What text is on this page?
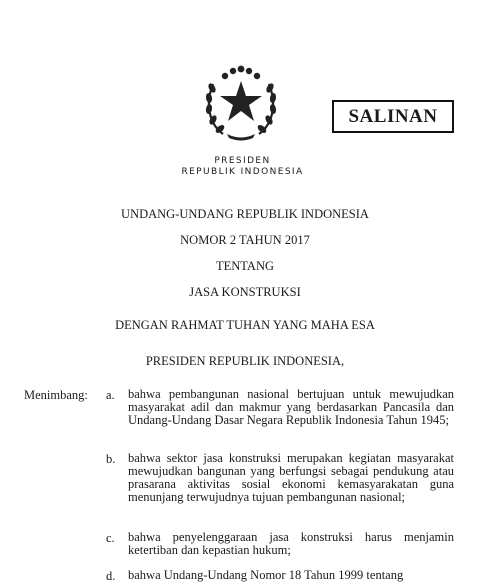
SALINAN
PRESIDEN
REPUBLIK INDONESIA
UNDANG-UNDANG REPUBLIK INDONESIA
NOMOR 2 TAHUN 2017
TENTANG
JASA KONSTRUKSI
DENGAN RAHMAT TUHAN YANG MAHA ESA
PRESIDEN REPUBLIK INDONESIA,
Menimbang: a. bahwa pembangunan nasional bertujuan untuk mewujudkan masyarakat adil dan makmur yang berdasarkan Pancasila dan Undang-Undang Dasar Negara Republik Indonesia Tahun 1945;
b. bahwa sektor jasa konstruksi merupakan kegiatan masyarakat mewujudkan bangunan yang berfungsi sebagai pendukung atau prasarana aktivitas sosial ekonomi kemasyarakatan guna menunjang terwujudnya tujuan pembangunan nasional;
c. bahwa penyelenggaraan jasa konstruksi harus menjamin ketertiban dan kepastian hukum;
d. bahwa Undang-Undang Nomor 18 Tahun 1999 tentang
